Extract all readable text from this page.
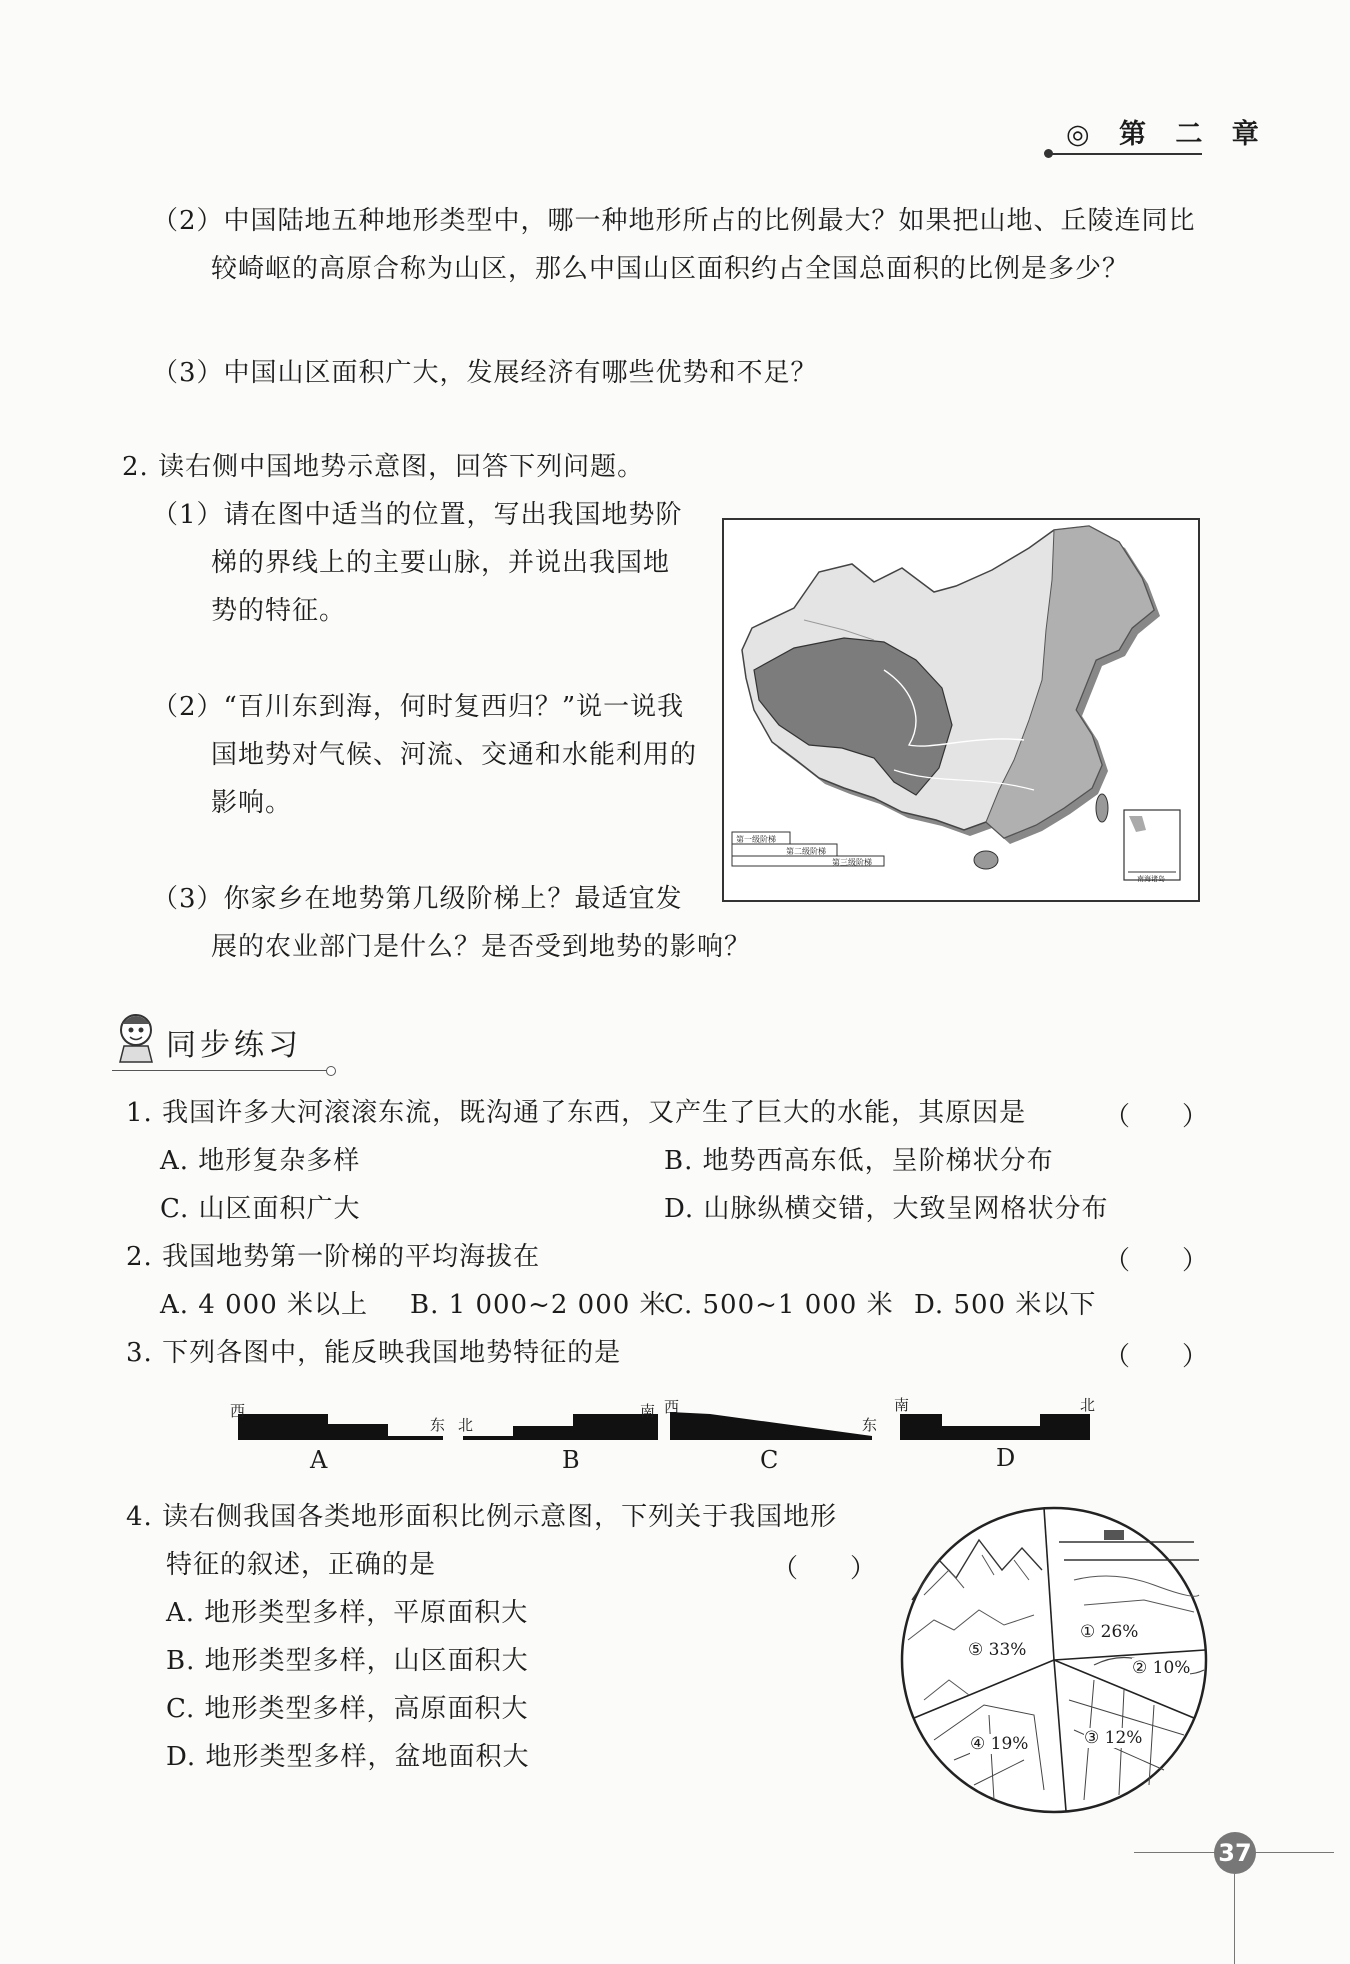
◎ 第 二 章
（2）中国陆地五种地形类型中，哪一种地形所占的比例最大？如果把山地、丘陵连同比
较崎岖的高原合称为山区，那么中国山区面积约占全国总面积的比例是多少？
（3）中国山区面积广大，发展经济有哪些优势和不足？
2. 读右侧中国地势示意图，回答下列问题。
（1）请在图中适当的位置，写出我国地势阶
梯的界线上的主要山脉，并说出我国地
势的特征。
（2）“百川东到海，何时复西归？”说一说我
国地势对气候、河流、交通和水能利用的
影响。
（3）你家乡在地势第几级阶梯上？最适宜发
展的农业部门是什么？是否受到地势的影响？
第一级阶梯
第二级阶梯
第三级阶梯
南海诸岛
同步练习
1. 我国许多大河滚滚东流，既沟通了东西，又产生了巨大的水能，其原因是	（　　）
A. 地形复杂多样	B. 地势西高东低，呈阶梯状分布
C. 山区面积广大	D. 山脉纵横交错，大致呈网格状分布
2. 我国地势第一阶梯的平均海拔在	（　　）
A. 4 000 米以上 B. 1 000~2 000 米
C. 500~1 000 米 D. 500 米以下
3. 下列各图中，能反映我国地势特征的是	（　　）
西
东
A
北
南
B
西
东
C
南	北
D
4. 读右侧我国各类地形面积比例示意图，下列关于我国地形
特征的叙述，正确的是	（　　）
A. 地形类型多样，平原面积大
B. 地形类型多样，山区面积大
C. 地形类型多样，高原面积大
D. 地形类型多样，盆地面积大
① 26%
② 10%
③ 12%
④ 19%
⑤ 33%
37
